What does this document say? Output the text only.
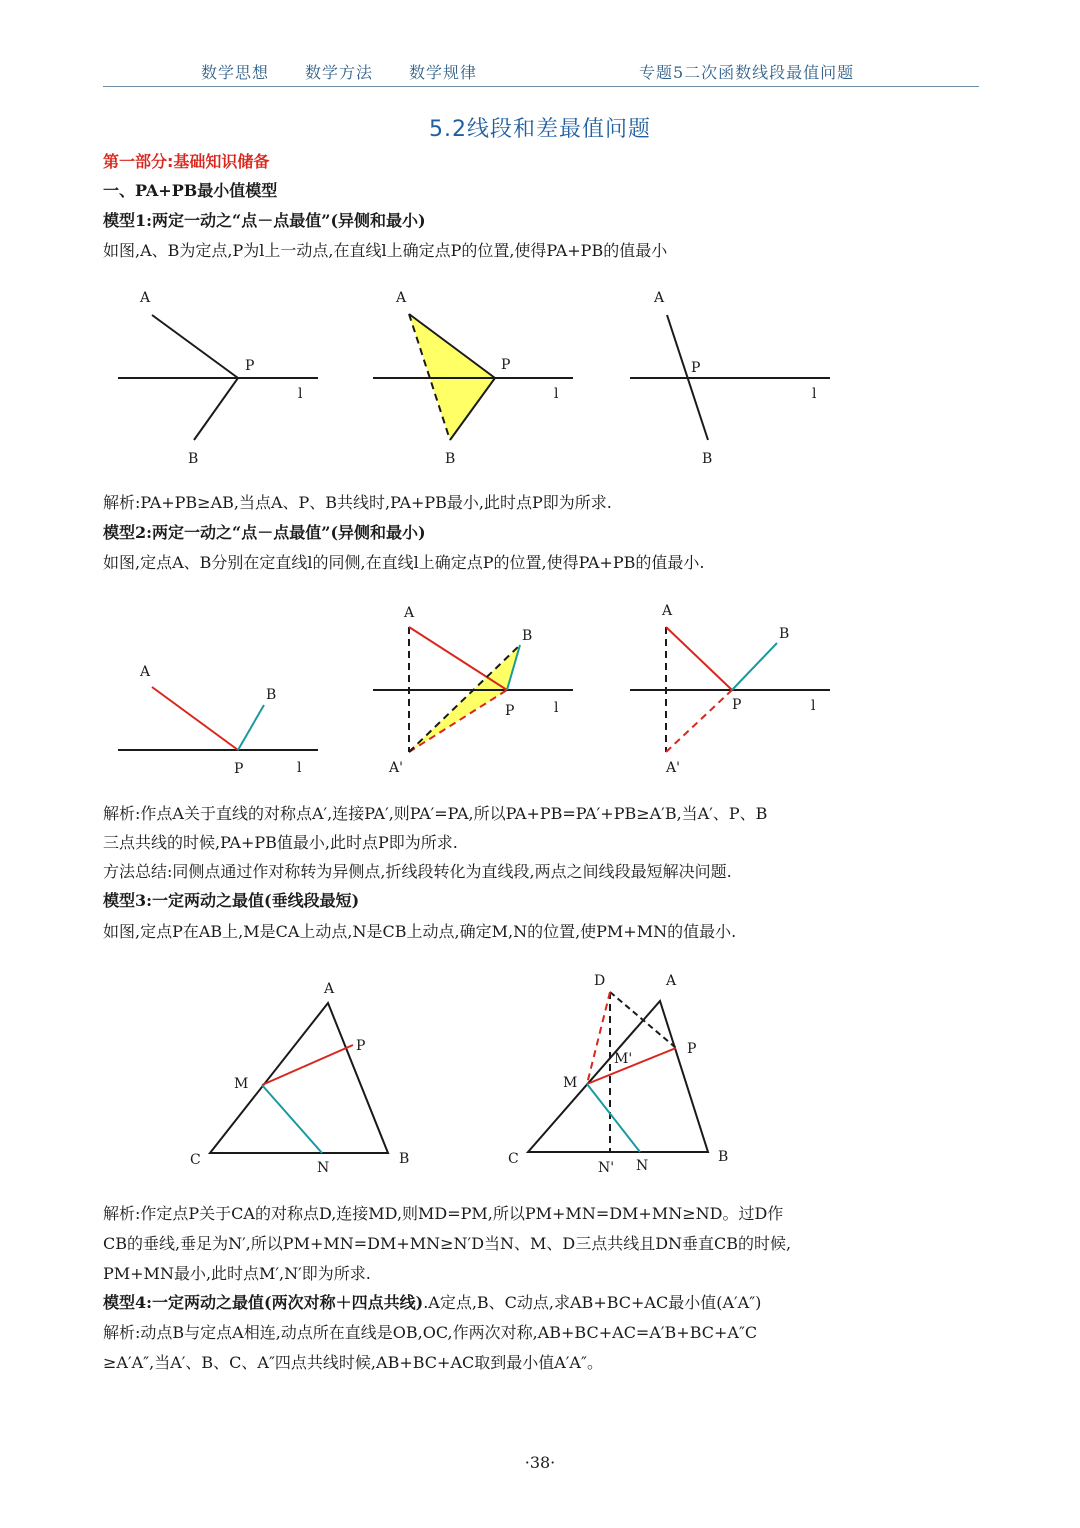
数学思想 数学方法 数学规律	专题5二次函数线段最值问题
5.2线段和差最值问题
第一部分:基础知识储备
一、PA+PB最小值模型
模型1:两定一动之“点－点最值”(异侧和最小)
如图,A、B为定点,P为l上一动点,在直线l上确定点P的位置,使得PA+PB的值最小
A
P
l
B
A
P
l
B
A
P
l
B
解析:PA+PB≥AB,当点A、P、B共线时,PA+PB最小,此时点P即为所求.
模型2:两定一动之“点－点最值”(异侧和最小)
如图,定点A、B分别在定直线l的同侧,在直线l上确定点P的位置,使得PA+PB的值最小.
A
B
P	l
A
B
P	l
A'
A
B
P	l
A'
解析:作点A关于直线的对称点A′,连接PA′,则PA′=PA,所以PA+PB=PA′+PB≥A′B,当A′、P、B
三点共线的时候,PA+PB值最小,此时点P即为所求.
方法总结:同侧点通过作对称转为异侧点,折线段转化为直线段,两点之间线段最短解决问题.
模型3:一定两动之最值(垂线段最短)
如图,定点P在AB上,M是CA上动点,N是CB上动点,确定M,N的位置,使PM+MN的值最小.
A
P
M
C	N
B
D	A
P
M'
M
C
N' N
B
解析:作定点P关于CA的对称点D,连接MD,则MD=PM,所以PM+MN=DM+MN≥ND。过D作
CB的垂线,垂足为N′,所以PM+MN=DM+MN≥N′D当N、M、D三点共线且DN垂直CB的时候,
PM+MN最小,此时点M′,N′即为所求.
模型4:一定两动之最值(两次对称＋四点共线).A定点,B、C动点,求AB+BC+AC最小值(A′A″)
解析:动点B与定点A相连,动点所在直线是OB,OC,作两次对称,AB+BC+AC=A′B+BC+A″C
≥A′A″,当A′、B、C、A″四点共线时候,AB+BC+AC取到最小值A′A″。
·38·
